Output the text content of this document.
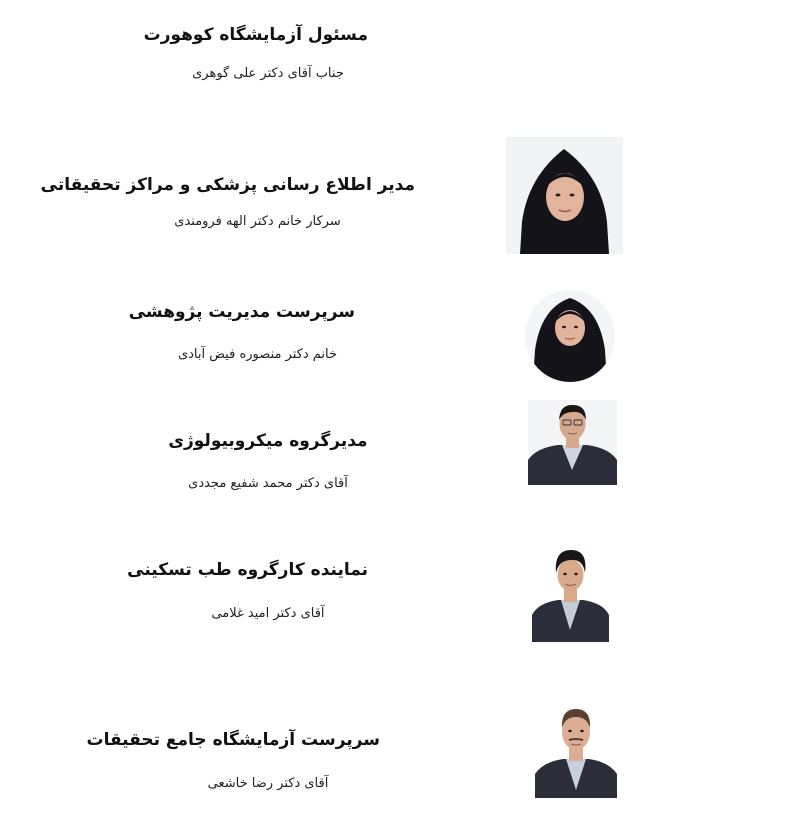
مسئول آزمایشگاه کوهورت
جناب آقای دکتر علی گوهری
مدیر اطلاع رسانی پزشکی و مراکز تحقیقاتی
سرکار خانم دکتر الهه فرومندی
سرپرست مدیریت پژوهشی
خانم دکتر منصوره فیض آبادی
مدیرگروه میکروبیولوژی
آقای دکتر محمد شفیع مجددی
نماینده کارگروه طب تسکینی
آقای دکتر امید غلامی
سرپرست آزمایشگاه جامع تحقیقات
آقای دکتر رضا خاشعی
